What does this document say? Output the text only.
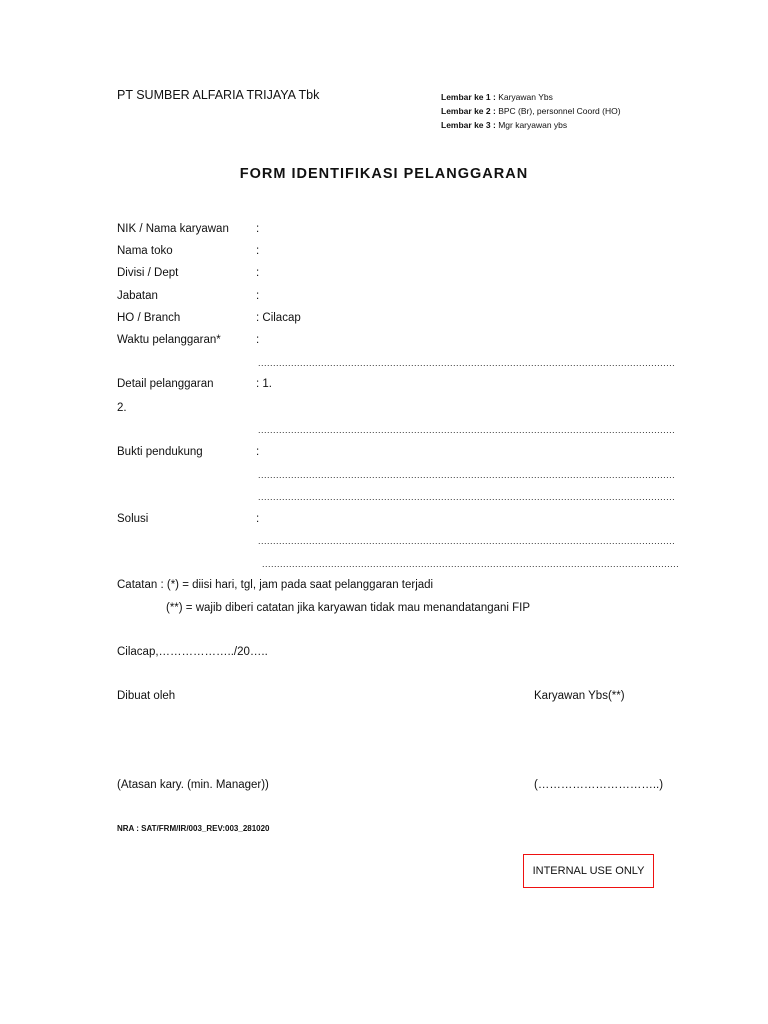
PT SUMBER ALFARIA TRIJAYA Tbk	Lembar ke 1 : Karyawan Ybs
Lembar ke 2 : BPC (Br), personnel Coord (HO)
Lembar ke 3 : Mgr karyawan ybs
FORM IDENTIFIKASI PELANGGARAN
NIK / Nama karyawan :
Nama toko	:
Divisi / Dept	:
Jabatan	:
HO / Branch	: Cilacap
Waktu pelanggaran*	:
...........................................................................................................................................
Detail pelanggaran	: 1.
2.
...........................................................................................................................................
Bukti pendukung	:
...........................................................................................................................................
...........................................................................................................................................
Solusi	:
...........................................................................................................................................
...........................................................................................................................................
Catatan : (*) = diisi hari, tgl, jam pada saat pelanggaran terjadi
(**) = wajib diberi catatan jika karyawan tidak mau menandatangani FIP
Cilacap,………………../20…..
Dibuat oleh	Karyawan Ybs(**)
(Atasan kary. (min. Manager))	(…………………………..)
NRA : SAT/FRM/IR/003_REV:003_281020
INTERNAL USE ONLY
